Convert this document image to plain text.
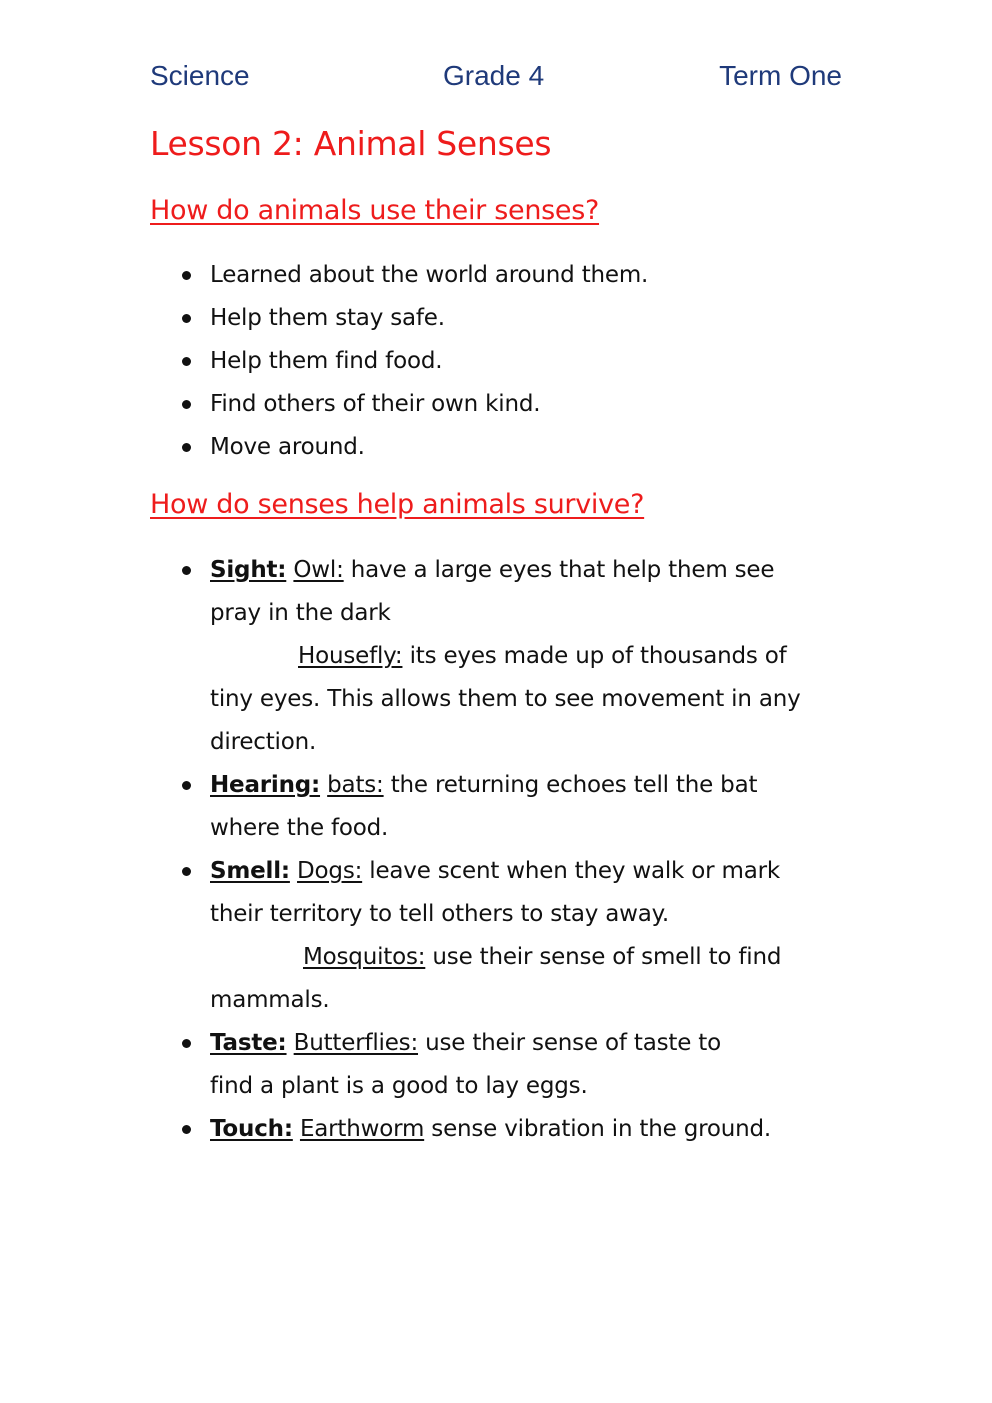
Science	Grade 4	Term One
Lesson 2: Animal Senses
How do animals use their senses?
Learned about the world around them.
Help them stay safe.
Help them find food.
Find others of their own kind.
Move around.
How do senses help animals survive?
Sight: Owl: have a large eyes that help them see
pray in the dark
Housefly: its eyes made up of thousands of
tiny eyes. This allows them to see movement in any
direction.
Hearing: bats: the returning echoes tell the bat
where the food.
Smell: Dogs: leave scent when they walk or mark
their territory to tell others to stay away.
Mosquitos: use their sense of smell to find
mammals.
Taste: Butterflies: use their sense of taste to
find a plant is a good to lay eggs.
Touch: Earthworm sense vibration in the ground.
